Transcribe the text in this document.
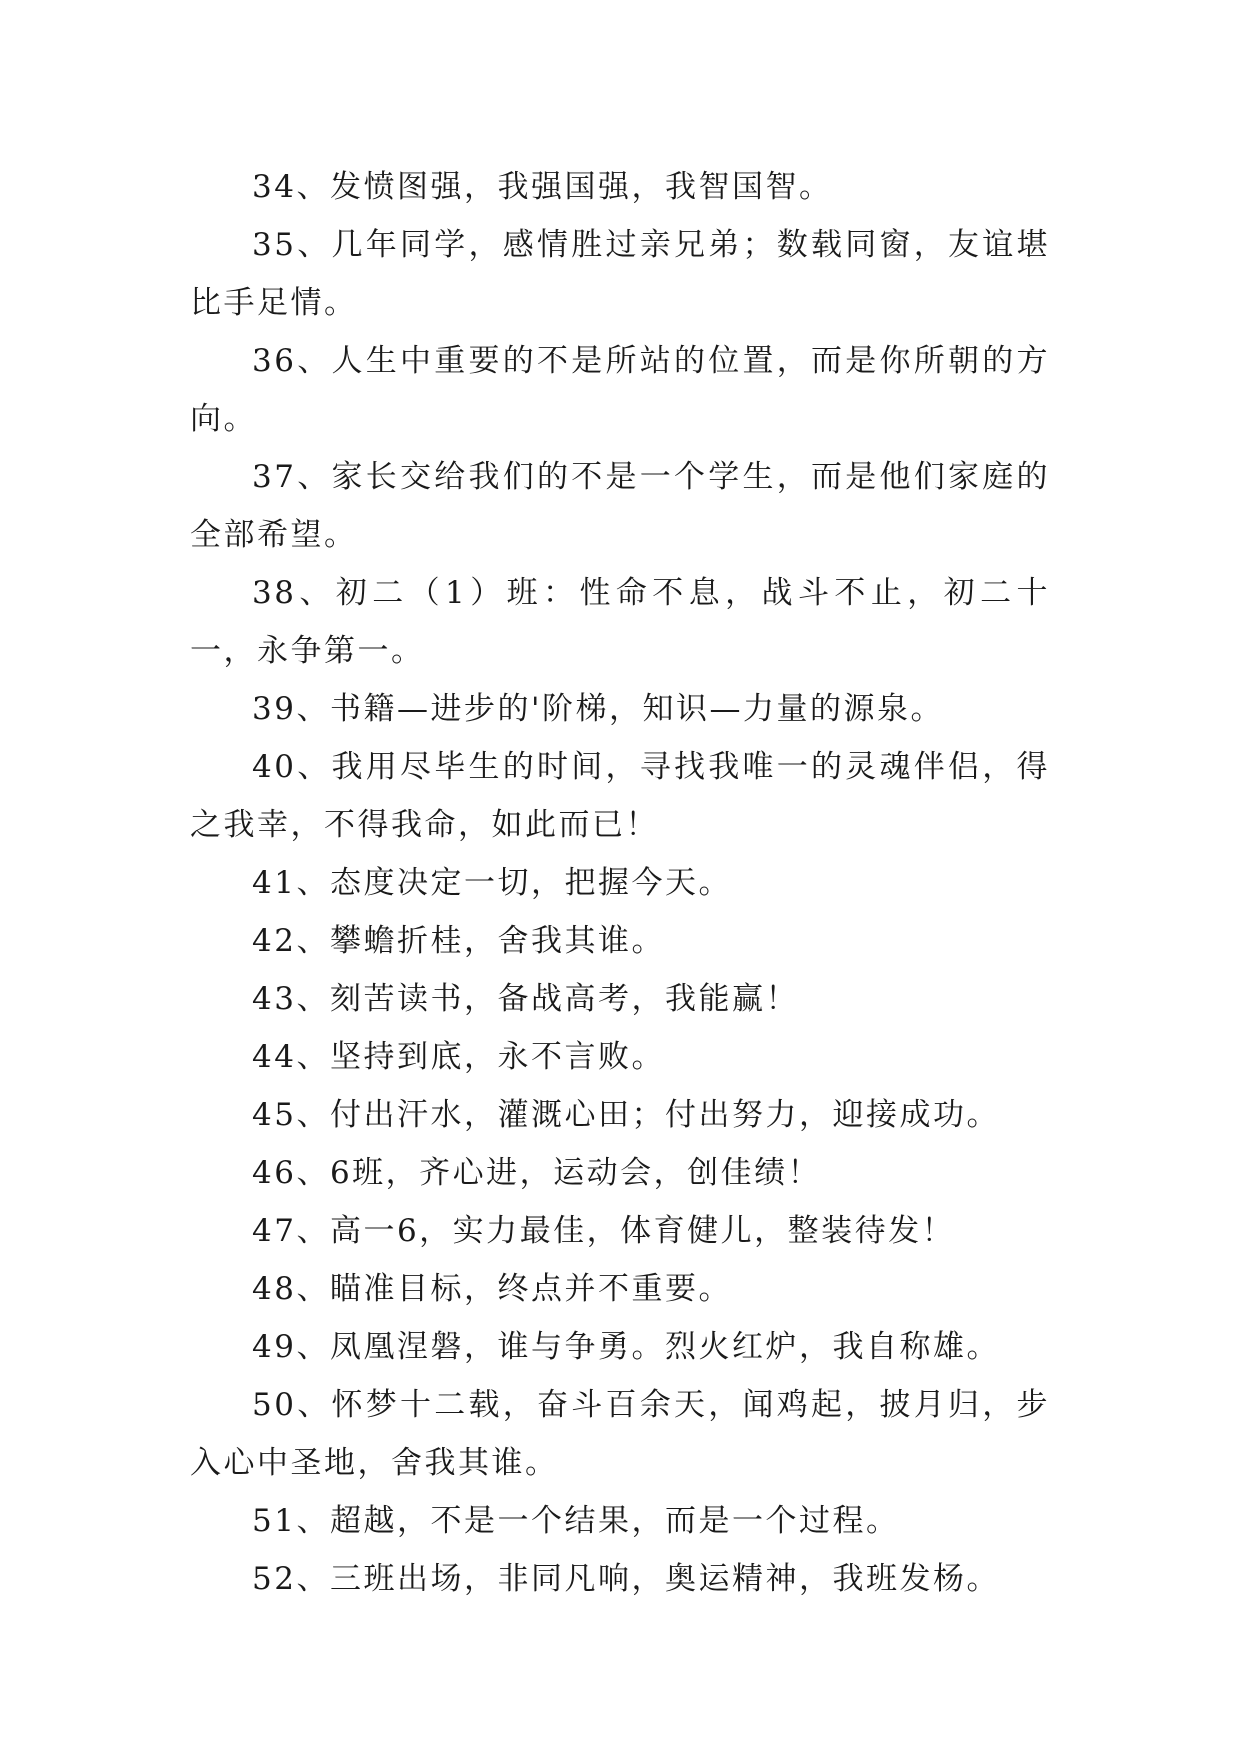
34、发愤图强，我强国强，我智国智。

35、几年同学，感情胜过亲兄弟；数载同窗，友谊堪比手足情。

36、人生中重要的不是所站的位置，而是你所朝的方向。

37、家长交给我们的不是一个学生，而是他们家庭的全部希望。

38、初二（1）班：性命不息，战斗不止，初二十一，永争第一。

39、书籍—进步的'阶梯，知识—力量的源泉。

40、我用尽毕生的时间，寻找我唯一的灵魂伴侣，得之我幸，不得我命，如此而已！

41、态度决定一切，把握今天。

42、攀蟾折桂，舍我其谁。

43、刻苦读书，备战高考，我能赢！

44、坚持到底，永不言败。

45、付出汗水，灌溉心田；付出努力，迎接成功。

46、6班，齐心进，运动会，创佳绩！

47、高一6，实力最佳，体育健儿，整装待发！

48、瞄准目标，终点并不重要。

49、凤凰涅磐，谁与争勇。烈火红炉，我自称雄。

50、怀梦十二载，奋斗百余天，闻鸡起，披月归，步入心中圣地，舍我其谁。

51、超越，不是一个结果，而是一个过程。

52、三班出场，非同凡响，奥运精神，我班发杨。
